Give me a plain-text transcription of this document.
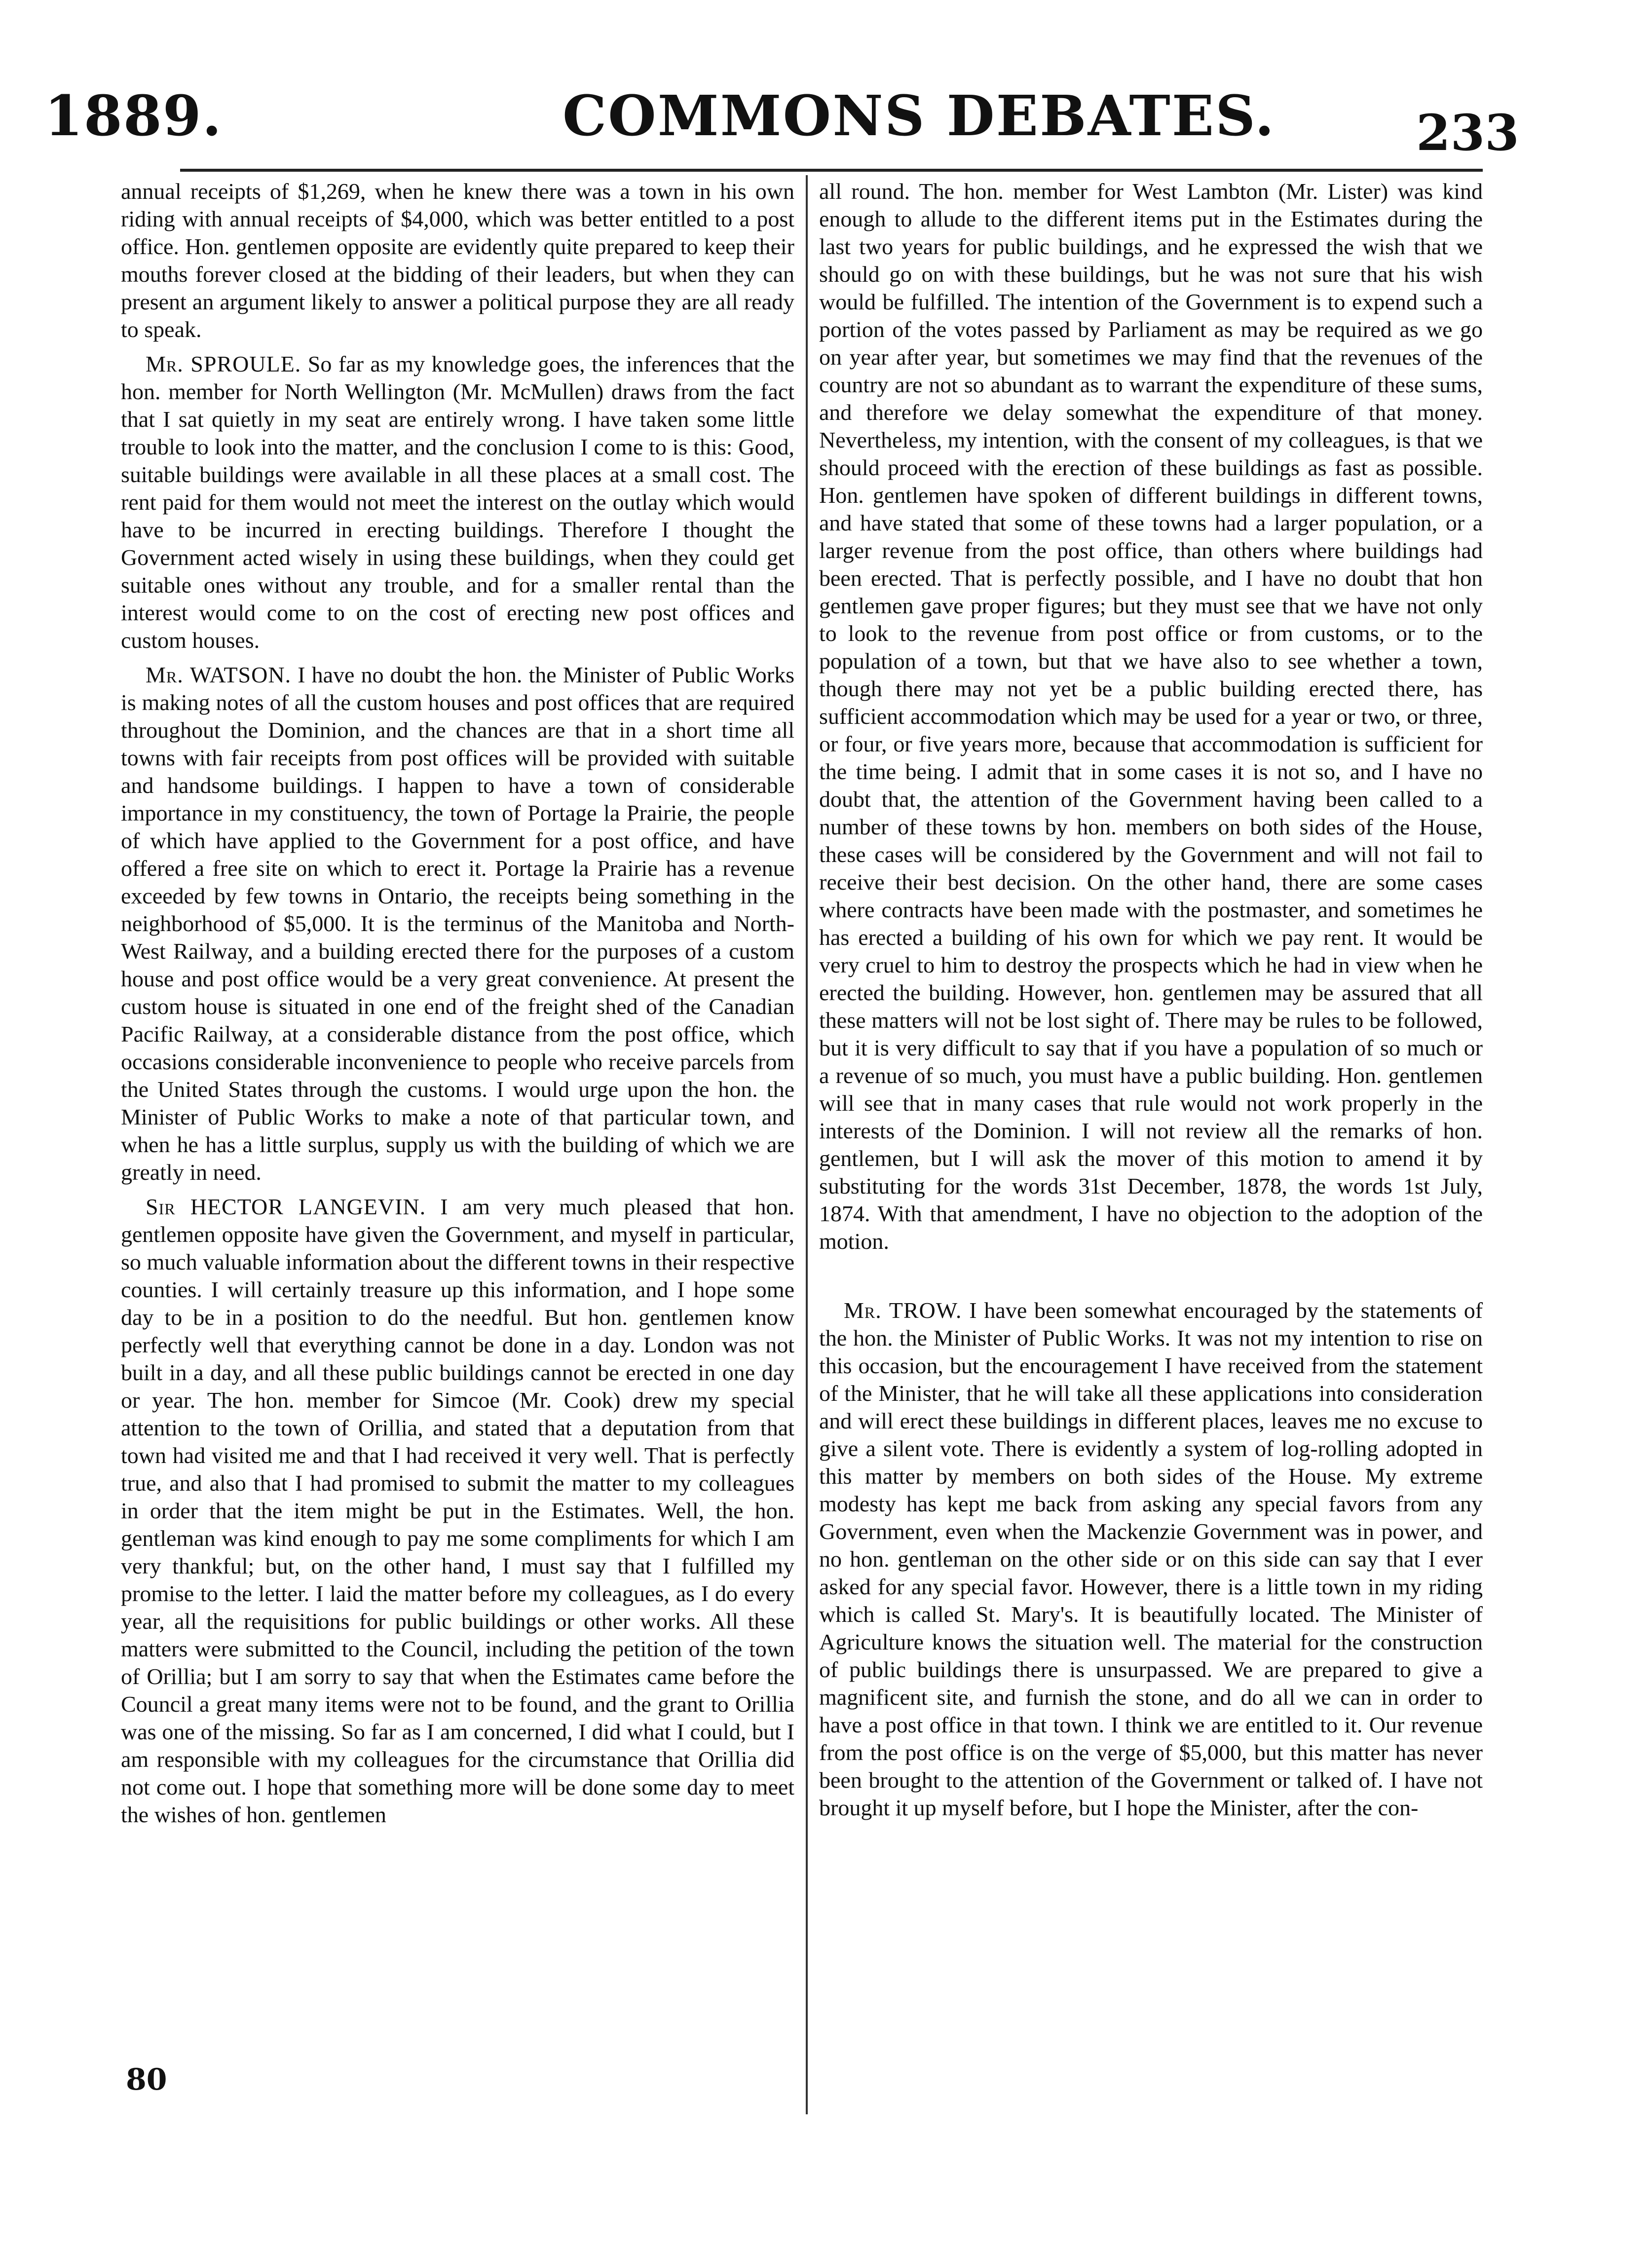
1889.	COMMONS DEBATES.	233

annual receipts of $1,269, when he knew there was a town in his own riding with annual receipts of $4,000, which was better entitled to a post office. Hon. gentlemen opposite are evidently quite prepared to keep their mouths forever closed at the bidding of their leaders, but when they can present an argument likely to answer a political purpose they are all ready to speak.

Mr. SPROULE. So far as my knowledge goes, the inferences that the hon. member for North Wellington (Mr. McMullen) draws from the fact that I sat quietly in my seat are entirely wrong. I have taken some little trouble to look into the matter, and the conclusion I come to is this: Good, suitable buildings were available in all these places at a small cost. The rent paid for them would not meet the interest on the outlay which would have to be incurred in erecting buildings. Therefore I thought the Government acted wisely in using these buildings, when they could get suitable ones without any trouble, and for a smaller rental than the interest would come to on the cost of erecting new post offices and custom houses.

Mr. WATSON. I have no doubt the hon. the Minister of Public Works is making notes of all the custom houses and post offices that are required throughout the Dominion, and the chances are that in a short time all towns with fair receipts from post offices will be provided with suitable and handsome buildings. I happen to have a town of considerable importance in my constituency, the town of Portage la Prairie, the people of which have applied to the Government for a post office, and have offered a free site on which to erect it. Portage la Prairie has a revenue exceeded by few towns in Ontario, the receipts being something in the neighborhood of $5,000. It is the terminus of the Manitoba and North-West Railway, and a building erected there for the purposes of a custom house and post office would be a very great convenience. At present the custom house is situated in one end of the freight shed of the Canadian Pacific Railway, at a considerable distance from the post office, which occasions considerable inconvenience to people who receive parcels from the United States through the customs. I would urge upon the hon. the Minister of Public Works to make a note of that particular town, and when he has a little surplus, supply us with the building of which we are greatly in need.

Sir HECTOR LANGEVIN. I am very much pleased that hon. gentlemen opposite have given the Government, and myself in particular, so much valuable information about the different towns in their respective counties. I will certainly treasure up this information, and I hope some day to be in a position to do the needful. But hon. gentlemen know perfectly well that everything cannot be done in a day. London was not built in a day, and all these public buildings cannot be erected in one day or year. The hon. member for Simcoe (Mr. Cook) drew my special attention to the town of Orillia, and stated that a deputation from that town had visited me and that I had received it very well. That is perfectly true, and also that I had promised to submit the matter to my colleagues in order that the item might be put in the Estimates. Well, the hon. gentleman was kind enough to pay me some compliments for which I am very thankful; but, on the other hand, I must say that I fulfilled my promise to the letter. I laid the matter before my colleagues, as I do every year, all the requisitions for public buildings or other works. All these matters were submitted to the Council, including the petition of the town of Orillia; but I am sorry to say that when the Estimates came before the Council a great many items were not to be found, and the grant to Orillia was one of the missing. So far as I am concerned, I did what I could, but I am responsible with my colleagues for the circumstance that Orillia did not come out. I hope that something more will be done some day to meet the wishes of hon. gentlemen

all round. The hon. member for West Lambton (Mr. Lister) was kind enough to allude to the different items put in the Estimates during the last two years for public buildings, and he expressed the wish that we should go on with these buildings, but he was not sure that his wish would be fulfilled. The intention of the Government is to expend such a portion of the votes passed by Parliament as may be required as we go on year after year, but sometimes we may find that the revenues of the country are not so abundant as to warrant the expenditure of these sums, and therefore we delay somewhat the expenditure of that money. Nevertheless, my intention, with the consent of my colleagues, is that we should proceed with the erection of these buildings as fast as possible. Hon. gentlemen have spoken of different buildings in different towns, and have stated that some of these towns had a larger population, or a larger revenue from the post office, than others where buildings had been erected. That is perfectly possible, and I have no doubt that hon gentlemen gave proper figures; but they must see that we have not only to look to the revenue from post office or from customs, or to the population of a town, but that we have also to see whether a town, though there may not yet be a public building erected there, has sufficient accommodation which may be used for a year or two, or three, or four, or five years more, because that accommodation is sufficient for the time being. I admit that in some cases it is not so, and I have no doubt that, the attention of the Government having been called to a number of these towns by hon. members on both sides of the House, these cases will be considered by the Government and will not fail to receive their best decision. On the other hand, there are some cases where contracts have been made with the postmaster, and sometimes he has erected a building of his own for which we pay rent. It would be very cruel to him to destroy the prospects which he had in view when he erected the building. However, hon. gentlemen may be assured that all these matters will not be lost sight of. There may be rules to be followed, but it is very difficult to say that if you have a population of so much or a revenue of so much, you must have a public building. Hon. gentlemen will see that in many cases that rule would not work properly in the interests of the Dominion. I will not review all the remarks of hon. gentlemen, but I will ask the mover of this motion to amend it by substituting for the words 31st December, 1878, the words 1st July, 1874. With that amendment, I have no objection to the adoption of the motion.

Mr. TROW. I have been somewhat encouraged by the statements of the hon. the Minister of Public Works. It was not my intention to rise on this occasion, but the encouragement I have received from the statement of the Minister, that he will take all these applications into consideration and will erect these buildings in different places, leaves me no excuse to give a silent vote. There is evidently a system of log-rolling adopted in this matter by members on both sides of the House. My extreme modesty has kept me back from asking any special favors from any Government, even when the Mackenzie Government was in power, and no hon. gentleman on the other side or on this side can say that I ever asked for any special favor. However, there is a little town in my riding which is called St. Mary's. It is beautifully located. The Minister of Agriculture knows the situation well. The material for the construction of public buildings there is unsurpassed. We are prepared to give a magnificent site, and furnish the stone, and do all we can in order to have a post office in that town. I think we are entitled to it. Our revenue from the post office is on the verge of $5,000, but this matter has never been brought to the attention of the Government or talked of. I have not brought it up myself before, but I hope the Minister, after the con-

80
